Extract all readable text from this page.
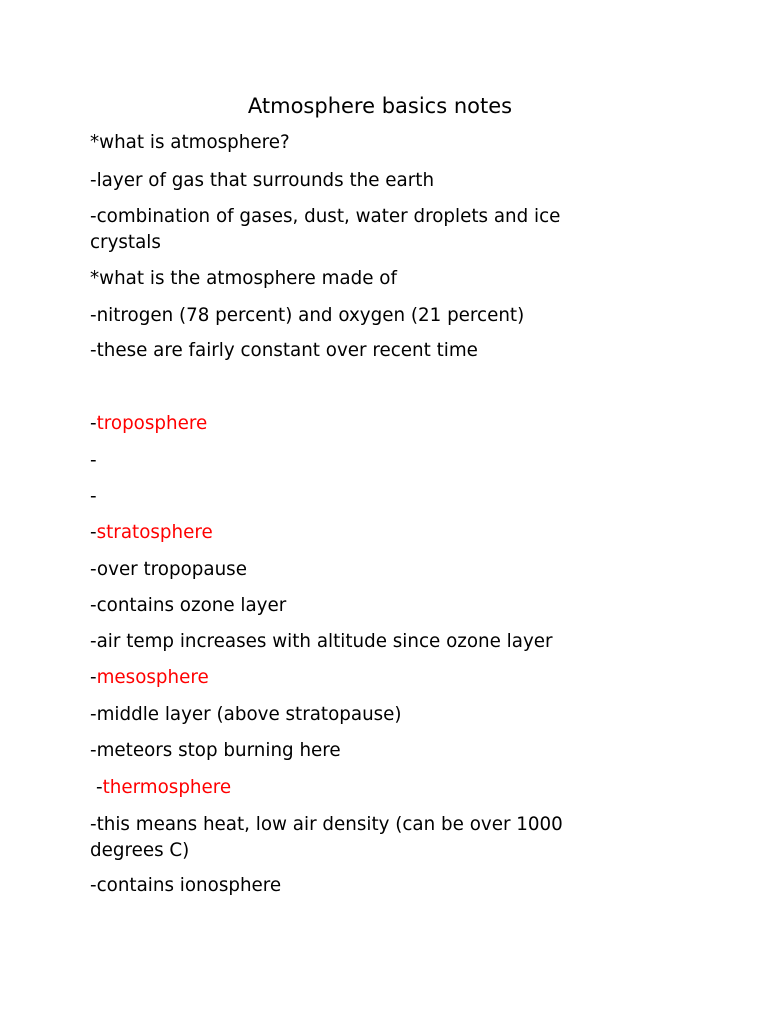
Atmosphere basics notes
*what is atmosphere?
-layer of gas that surrounds the earth
-combination of gases, dust, water droplets and ice crystals
*what is the atmosphere made of
-nitrogen (78 percent) and oxygen (21 percent)
-these are fairly constant over recent time
-troposphere
-
-
-stratosphere
-over tropopause
-contains ozone layer
-air temp increases with altitude since ozone layer
-mesosphere
-middle layer (above stratopause)
-meteors stop burning here
-thermosphere
-this means heat, low air density (can be over 1000 degrees C)
-contains ionosphere
